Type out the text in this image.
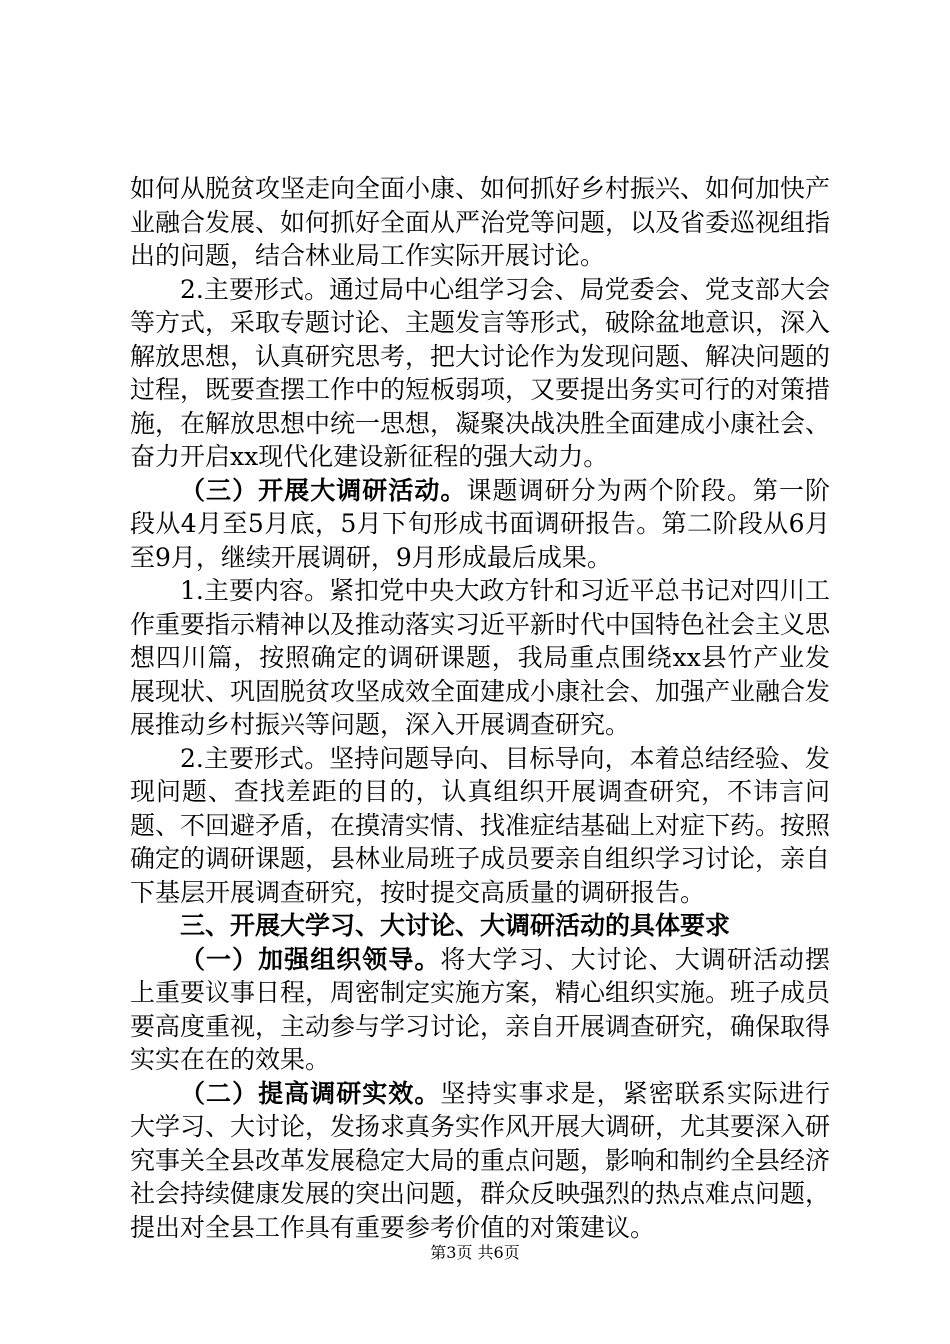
如何从脱贫攻坚走向全面小康、如何抓好乡村振兴、如何加快产业融合发展、如何抓好全面从严治党等问题，以及省委巡视组指出的问题，结合林业局工作实际开展讨论。

2.主要形式。通过局中心组学习会、局党委会、党支部大会等方式，采取专题讨论、主题发言等形式，破除盆地意识，深入解放思想，认真研究思考，把大讨论作为发现问题、解决问题的过程，既要查摆工作中的短板弱项，又要提出务实可行的对策措施，在解放思想中统一思想，凝聚决战决胜全面建成小康社会、奋力开启xx现代化建设新征程的强大动力。

（三）开展大调研活动。课题调研分为两个阶段。第一阶段从4月至5月底，5月下旬形成书面调研报告。第二阶段从6月至9月，继续开展调研，9月形成最后成果。

1.主要内容。紧扣党中央大政方针和习近平总书记对四川工作重要指示精神以及推动落实习近平新时代中国特色社会主义思想四川篇，按照确定的调研课题，我局重点围绕xx县竹产业发展现状、巩固脱贫攻坚成效全面建成小康社会、加强产业融合发展推动乡村振兴等问题，深入开展调查研究。

2.主要形式。坚持问题导向、目标导向，本着总结经验、发现问题、查找差距的目的，认真组织开展调查研究，不讳言问题、不回避矛盾，在摸清实情、找准症结基础上对症下药。按照确定的调研课题，县林业局班子成员要亲自组织学习讨论，亲自下基层开展调查研究，按时提交高质量的调研报告。

三、开展大学习、大讨论、大调研活动的具体要求

（一）加强组织领导。将大学习、大讨论、大调研活动摆上重要议事日程，周密制定实施方案，精心组织实施。班子成员要高度重视，主动参与学习讨论，亲自开展调查研究，确保取得实实在在的效果。

（二）提高调研实效。坚持实事求是，紧密联系实际进行大学习、大讨论，发扬求真务实作风开展大调研，尤其要深入研究事关全县改革发展稳定大局的重点问题，影响和制约全县经济社会持续健康发展的突出问题，群众反映强烈的热点难点问题，提出对全县工作具有重要参考价值的对策建议。

第3页 共6页
